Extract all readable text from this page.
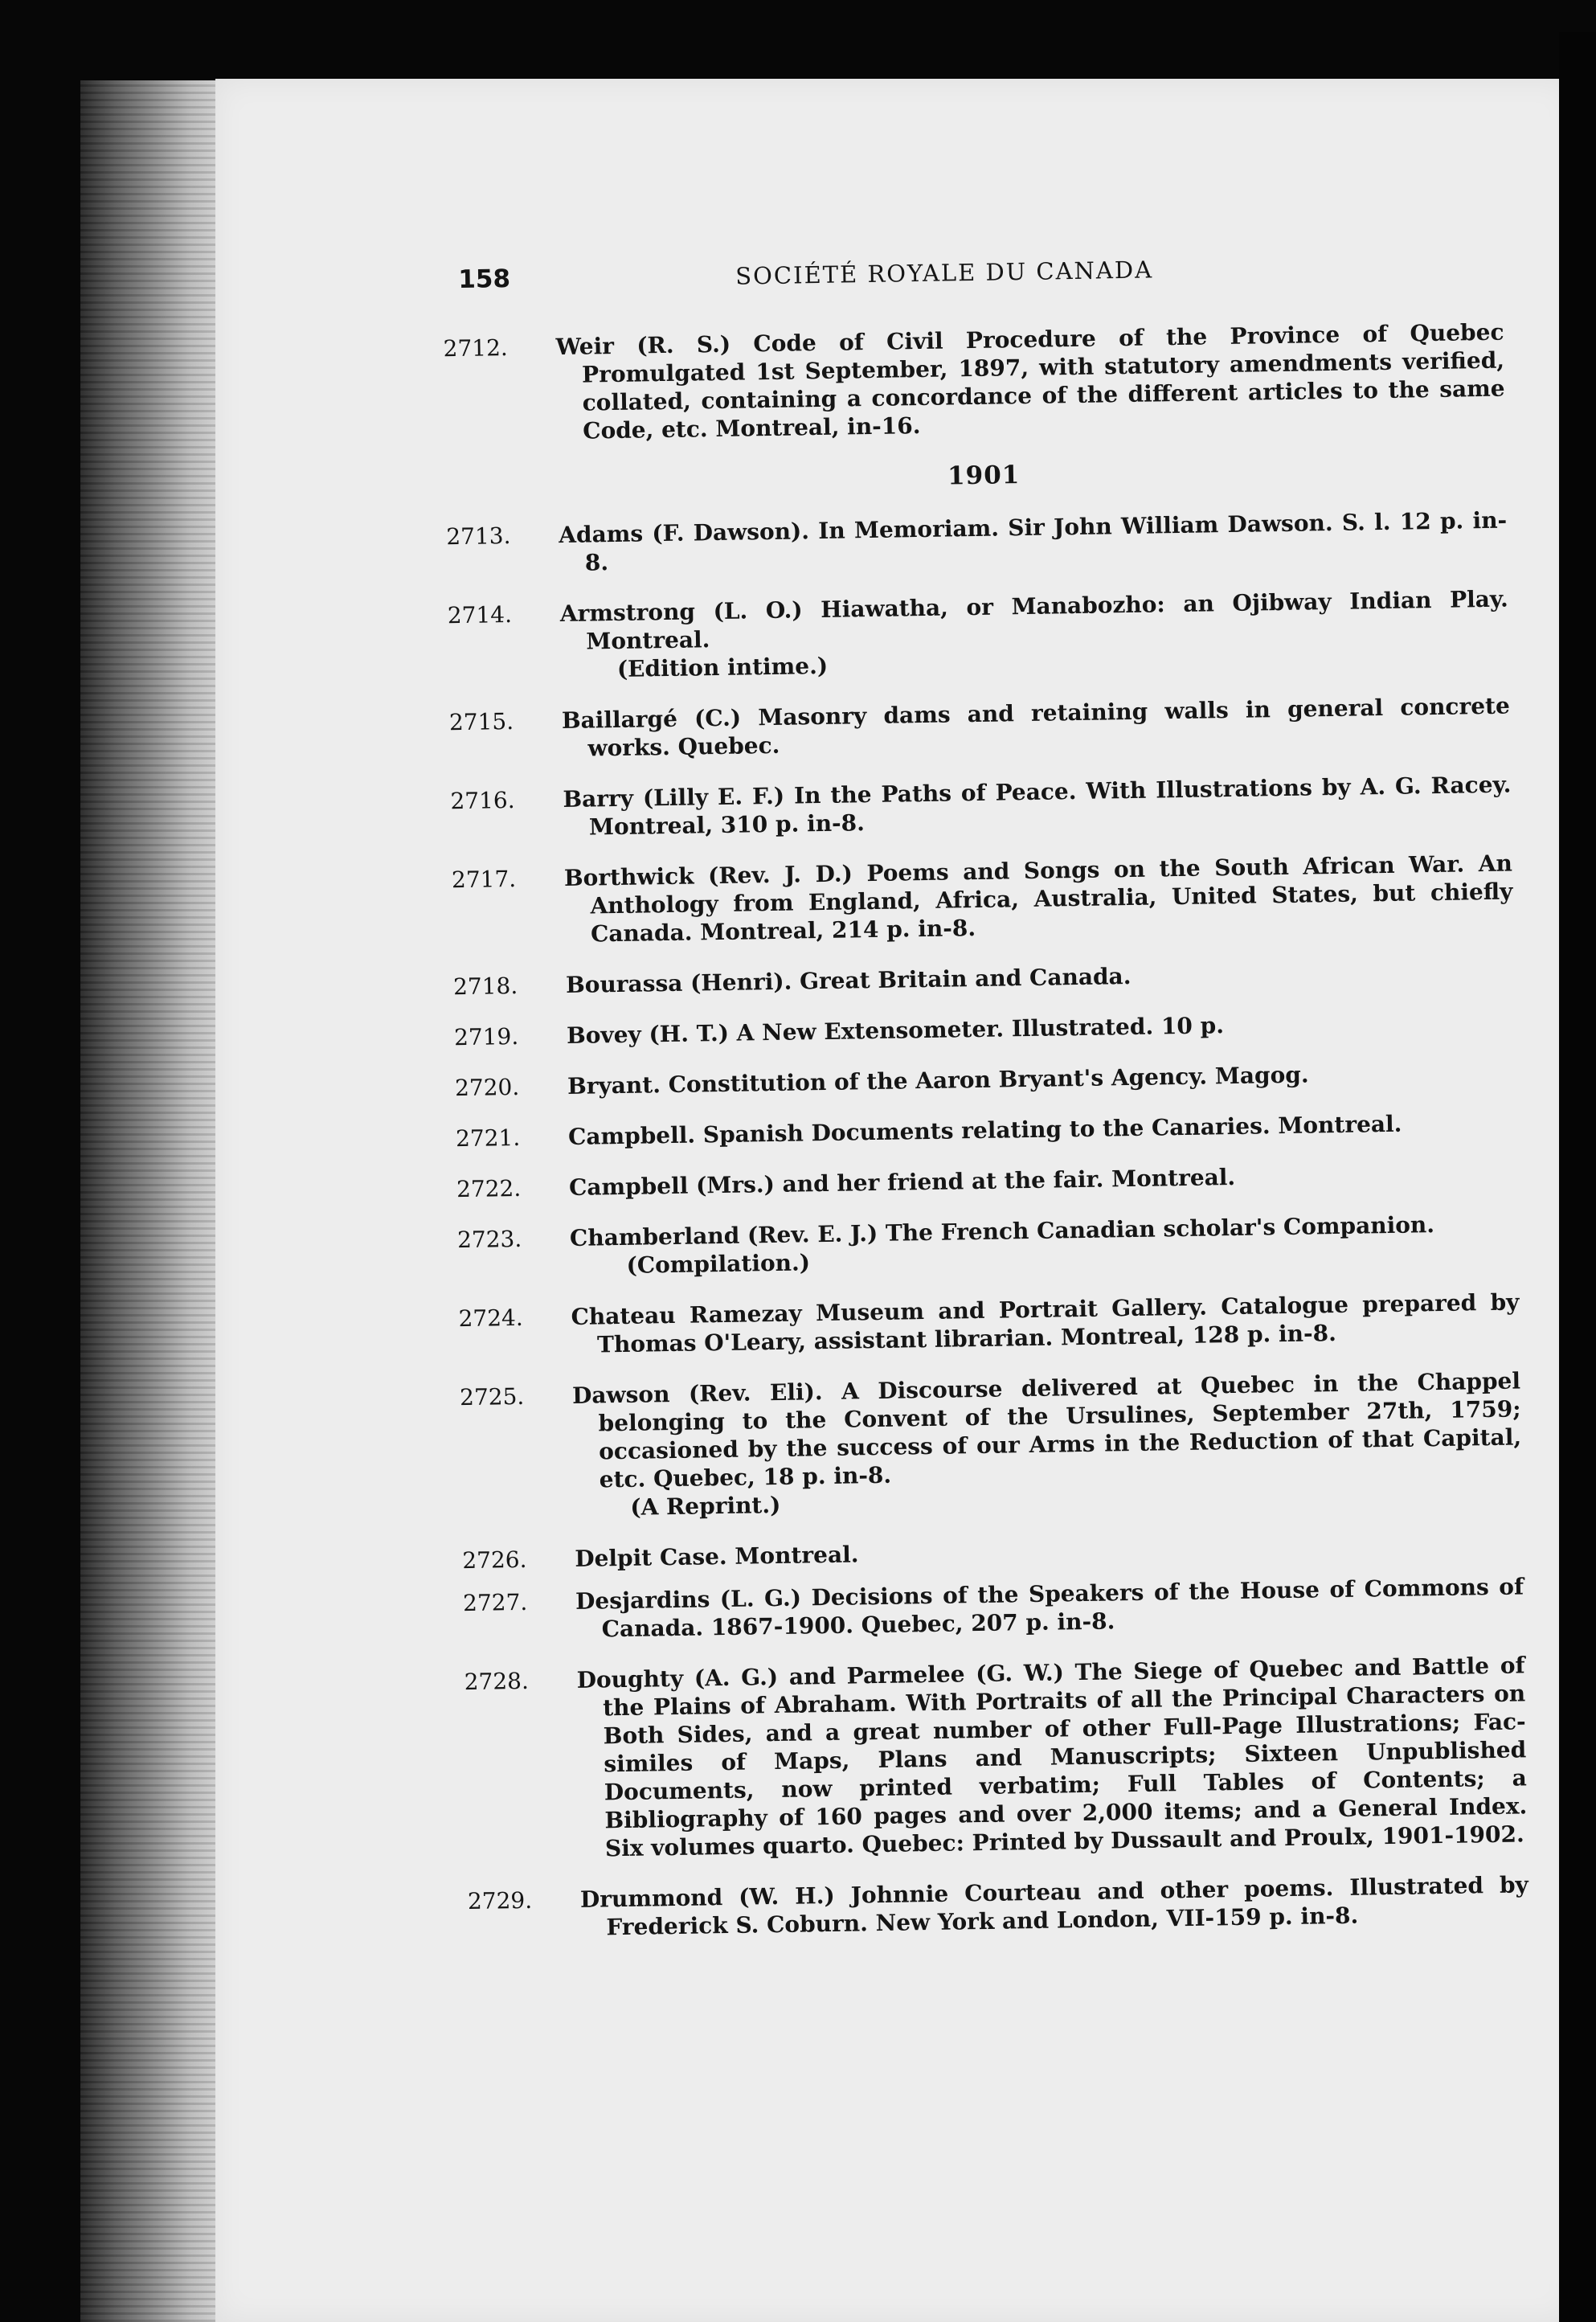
158	SOCIÉTÉ ROYALE DU CANADA
2712. Weir (R. S.) Code of Civil Procedure of the Province of Quebec Promulgated 1st September, 1897, with statutory amendments verified, collated, containing a concordance of the different articles to the same Code, etc. Montreal, in-16.
1901
2713. Adams (F. Dawson). In Memoriam. Sir John William Dawson. S. l. 12 p. in-8.
2714. Armstrong (L. O.) Hiawatha, or Manabozho: an Ojibway Indian Play. Montreal.
(Edition intime.)
2715. Baillargé (C.) Masonry dams and retaining walls in general concrete works. Quebec.
2716. Barry (Lilly E. F.) In the Paths of Peace. With Illustrations by A. G. Racey. Montreal, 310 p. in-8.
2717. Borthwick (Rev. J. D.) Poems and Songs on the South African War. An Anthology from England, Africa, Australia, United States, but chiefly Canada. Montreal, 214 p. in-8.
2718. Bourassa (Henri). Great Britain and Canada.
2719. Bovey (H. T.) A New Extensometer. Illustrated. 10 p.
2720. Bryant. Constitution of the Aaron Bryant's Agency. Magog.
2721. Campbell. Spanish Documents relating to the Canaries. Montreal.
2722. Campbell (Mrs.) and her friend at the fair. Montreal.
2723. Chamberland (Rev. E. J.) The French Canadian scholar's Companion.
(Compilation.)
2724. Chateau Ramezay Museum and Portrait Gallery. Catalogue prepared by Thomas O'Leary, assistant librarian. Montreal, 128 p. in-8.
2725. Dawson (Rev. Eli). A Discourse delivered at Quebec in the Chappel belonging to the Convent of the Ursulines, September 27th, 1759; occasioned by the success of our Arms in the Reduction of that Capital, etc. Quebec, 18 p. in-8.
(A Reprint.)
2726. Delpit Case. Montreal.
2727. Desjardins (L. G.) Decisions of the Speakers of the House of Commons of Canada. 1867-1900. Quebec, 207 p. in-8.
2728. Doughty (A. G.) and Parmelee (G. W.) The Siege of Quebec and Battle of the Plains of Abraham. With Portraits of all the Principal Characters on Both Sides, and a great number of other Full-Page Illustrations; Fac-similes of Maps, Plans and Manuscripts; Sixteen Unpublished Documents, now printed verbatim; Full Tables of Contents; a Bibliography of 160 pages and over 2,000 items; and a General Index. Six volumes quarto. Quebec: Printed by Dussault and Proulx, 1901-1902.
2729. Drummond (W. H.) Johnnie Courteau and other poems. Illustrated by Frederick S. Coburn. New York and London, VII-159 p. in-8.
